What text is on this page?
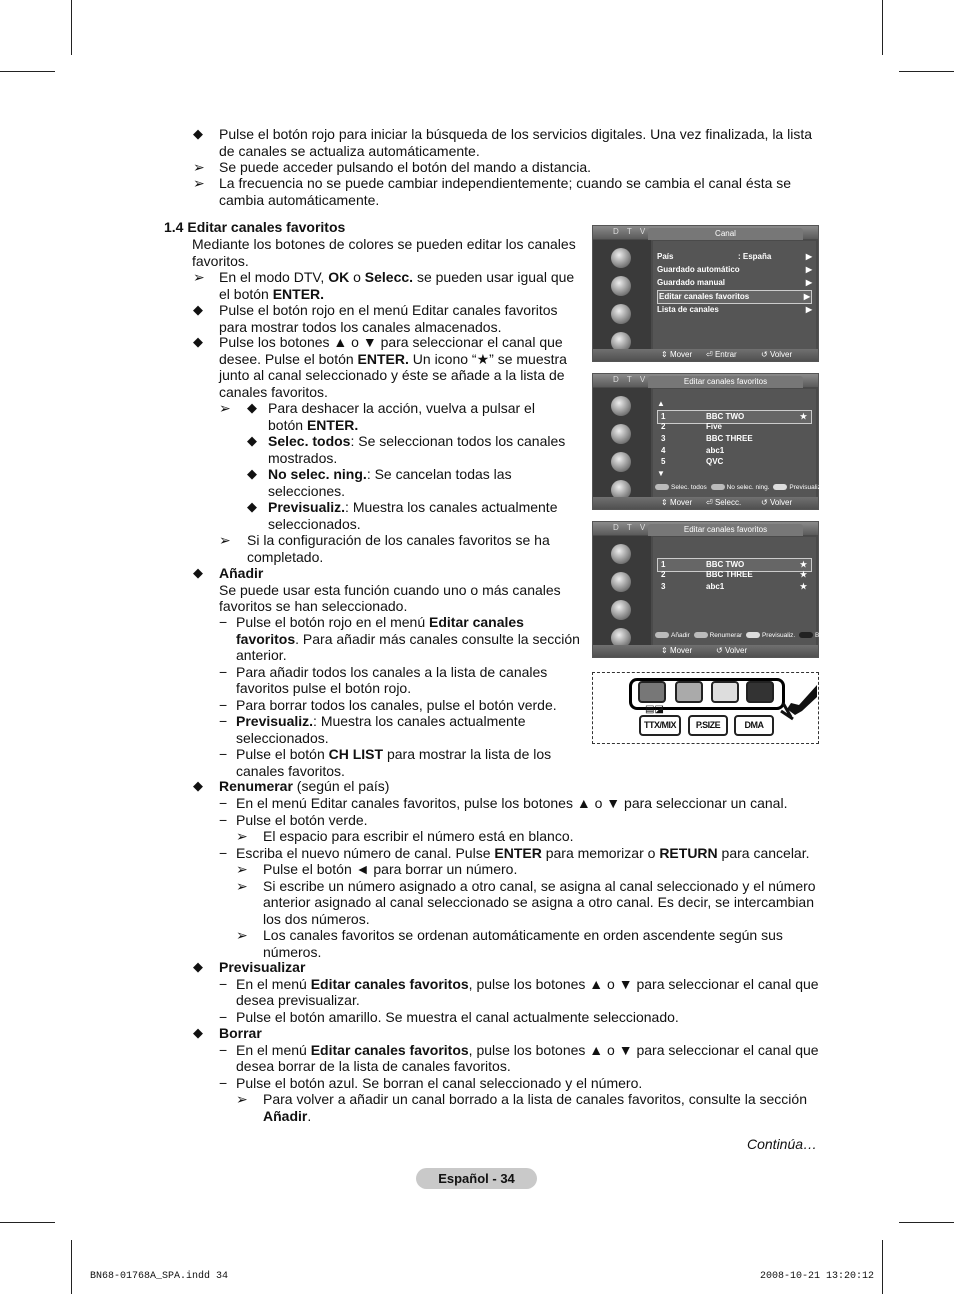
◆ Pulse el botón rojo para iniciar la búsqueda de los servicios digitales. Una vez finalizada, la lista
de canales se actualiza automáticamente.
➢ Se puede acceder pulsando el botón del mando a distancia.
➢ La frecuencia no se puede cambiar independientemente; cuando se cambia el canal ésta se
cambia automáticamente.
1.4 Editar canales favoritos
Mediante los botones de colores se pueden editar los canales
favoritos.
➢ En el modo DTV, OK o Selecc. se pueden usar igual que
el botón ENTER.
◆ Pulse el botón rojo en el menú Editar canales favoritos
para mostrar todos los canales almacenados.
◆ Pulse los botones ▲ o ▼ para seleccionar el canal que
desee. Pulse el botón ENTER. Un icono “★” se muestra
junto al canal seleccionado y éste se añade a la lista de
canales favoritos.
➢ ◆ Para deshacer la acción, vuelva a pulsar el
botón ENTER.
◆ Selec. todos: Se seleccionan todos los canales
mostrados.
◆ No selec. ning.: Se cancelan todas las
selecciones.
◆ Previsualiz.: Muestra los canales actualmente
seleccionados.
➢ Si la configuración de los canales favoritos se ha
completado.
◆ Añadir
Se puede usar esta función cuando uno o más canales
favoritos se han seleccionado.
− Pulse el botón rojo en el menú Editar canales
favoritos. Para añadir más canales consulte la sección
anterior.
− Para añadir todos los canales a la lista de canales
favoritos pulse el botón rojo.
− Para borrar todos los canales, pulse el botón verde.
− Previsualiz.: Muestra los canales actualmente
seleccionados.
− Pulse el botón CH LIST para mostrar la lista de los
canales favoritos.
◆ Renumerar (según el país)
− En el menú Editar canales favoritos, pulse los botones ▲ o ▼ para seleccionar un canal.
− Pulse el botón verde.
➢ El espacio para escribir el número está en blanco.
− Escriba el nuevo número de canal. Pulse ENTER para memorizar o RETURN para cancelar.
➢ Pulse el botón ◄ para borrar un número.
➢ Si escribe un número asignado a otro canal, se asigna al canal seleccionado y el número
anterior asignado al canal seleccionado se asigna a otro canal. Es decir, se intercambian
los dos números.
➢ Los canales favoritos se ordenan automáticamente en orden ascendente según sus
números.
◆ Previsualizar
− En el menú Editar canales favoritos, pulse los botones ▲ o ▼ para seleccionar el canal que
desea previsualizar.
− Pulse el botón amarillo. Se muestra el canal actualmente seleccionado.
◆ Borrar
− En el menú Editar canales favoritos, pulse los botones ▲ o ▼ para seleccionar el canal que
desea borrar de la lista de canales favoritos.
− Pulse el botón azul. Se borran el canal seleccionado y el número.
➢ Para volver a añadir un canal borrado a la lista de canales favoritos, consulte la sección
Añadir.
Continúa…
Español - 34
BN68-01768A_SPA.indd 34	2008-10-21 13:20:12
D T V	Canal
País	: España	▶
Guardado automático	▶
Guardado manual	▶
Editar canales favoritos	▶
Lista de canales	▶
⇕ Mover ⏎ Entrar	↺ Volver
D T V	Editar canales favoritos
▲
1	BBC TWO	★
2	Five
3	BBC THREE
4	abc1
5	QVC
▼
Selec. todos	No selec. ning.	Previsualiz.
⇕ Mover ⏎ Selecc. ↺ Volver
D T V	Editar canales favoritos
1	BBC TWO	★
2	BBC THREE	★
3	abc1	★
Añadir	Renumerar	Previsualiz.	Borrare
⇕ Mover	↺ Volver
▤◪
TTX/MIX	P.SIZE	DMA
